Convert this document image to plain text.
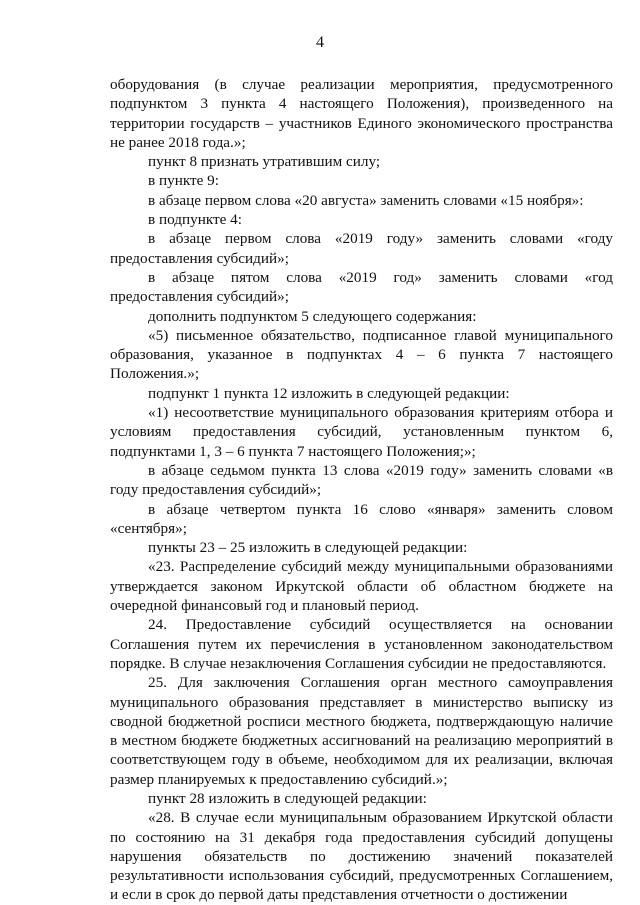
4

оборудования (в случае реализации мероприятия, предусмотренного подпунктом 3 пункта 4 настоящего Положения), произведенного на территории государств – участников Единого экономического пространства не ранее 2018 года.»;

пункт 8 признать утратившим силу;

в пункте 9:

в абзаце первом слова «20 августа» заменить словами «15 ноября»:

в подпункте 4:

в абзаце первом слова «2019 году» заменить словами «году предоставления субсидий»;

в абзаце пятом слова «2019 год» заменить словами «год предоставления субсидий»;

дополнить подпунктом 5 следующего содержания:

«5) письменное обязательство, подписанное главой муниципального образования, указанное в подпунктах 4 – 6 пункта 7 настоящего Положения.»;

подпункт 1 пункта 12 изложить в следующей редакции:

«1) несоответствие муниципального образования критериям отбора и условиям предоставления субсидий, установленным пунктом 6, подпунктами 1, 3 – 6 пункта 7 настоящего Положения;»;

в абзаце седьмом пункта 13 слова «2019 году» заменить словами «в году предоставления субсидий»;

в абзаце четвертом пункта 16 слово «января» заменить словом «сентября»;

пункты 23 – 25 изложить в следующей редакции:

«23. Распределение субсидий между муниципальными образованиями утверждается законом Иркутской области об областном бюджете на очередной финансовый год и плановый период.

24. Предоставление субсидий осуществляется на основании Соглашения путем их перечисления в установленном законодательством порядке. В случае незаключения Соглашения субсидии не предоставляются.

25. Для заключения Соглашения орган местного самоуправления муниципального образования представляет в министерство выписку из сводной бюджетной росписи местного бюджета, подтверждающую наличие в местном бюджете бюджетных ассигнований на реализацию мероприятий в соответствующем году в объеме, необходимом для их реализации, включая размер планируемых к предоставлению субсидий.»;

пункт 28 изложить в следующей редакции:

«28. В случае если муниципальным образованием Иркутской области по состоянию на 31 декабря года предоставления субсидий допущены нарушения обязательств по достижению значений показателей результативности использования субсидий, предусмотренных Соглашением, и если в срок до первой даты представления отчетности о достижении
